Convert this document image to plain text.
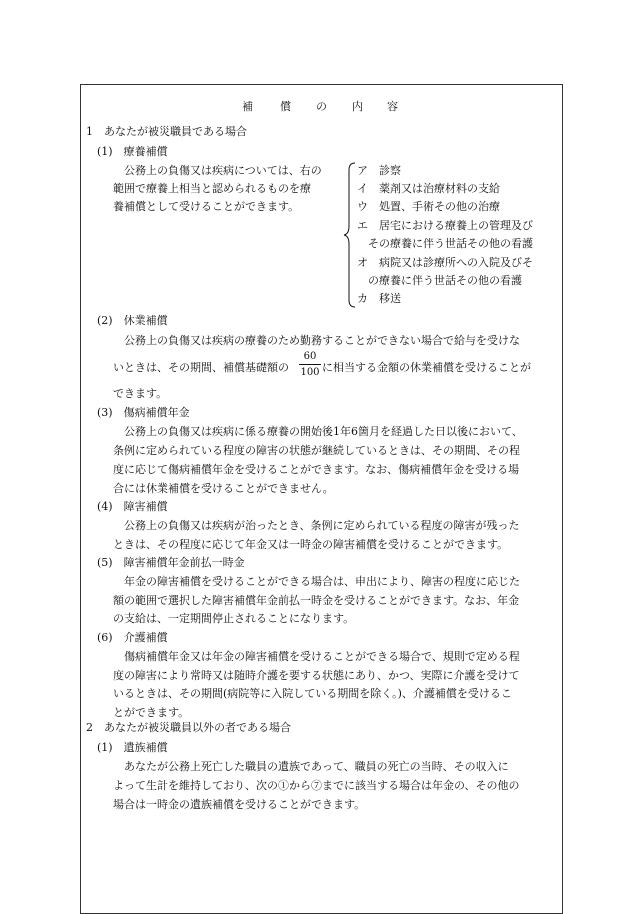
補 償 の 内 容
1　あなたが被災職員である場合
(1)　療養補償
公務上の負傷又は疾病については、右の
範囲で療養上相当と認められるものを療
養補償として受けることができます。
ア　診察
イ　薬剤又は治療材料の支給
ウ　処置、手術その他の治療
エ　居宅における療養上の管理及び
　その療養に伴う世話その他の看護
オ　病院又は診療所への入院及びそ
　の療養に伴う世話その他の看護
カ　移送
(2)　休業補償
公務上の負傷又は疾病の療養のため勤務することができない場合で給与を受けな
いときは、その期間、補償基礎額の
60
100 に相当する金額の休業補償を受けることが
できます。
(3)　傷病補償年金
公務上の負傷又は疾病に係る療養の開始後1年6箇月を経過した日以後において、
条例に定められている程度の障害の状態が継続しているときは、その期間、その程
度に応じて傷病補償年金を受けることができます。なお、傷病補償年金を受ける場
合には休業補償を受けることができません。
(4)　障害補償
公務上の負傷又は疾病が治ったとき、条例に定められている程度の障害が残った
ときは、その程度に応じて年金又は一時金の障害補償を受けることができます。
(5)　障害補償年金前払一時金
年金の障害補償を受けることができる場合は、申出により、障害の程度に応じた
額の範囲で選択した障害補償年金前払一時金を受けることができます。なお、年金
の支給は、一定期間停止されることになります。
(6)　介護補償
傷病補償年金又は年金の障害補償を受けることができる場合で、規則で定める程
度の障害により常時又は随時介護を要する状態にあり、かつ、実際に介護を受けて
いるときは、その期間(病院等に入院している期間を除く。)、介護補償を受けるこ
とができます。
2　あなたが被災職員以外の者である場合
(1)　遺族補償
あなたが公務上死亡した職員の遺族であって、職員の死亡の当時、その収入に
よって生計を維持しており、次の①から⑦までに該当する場合は年金の、その他の
場合は一時金の遺族補償を受けることができます。
